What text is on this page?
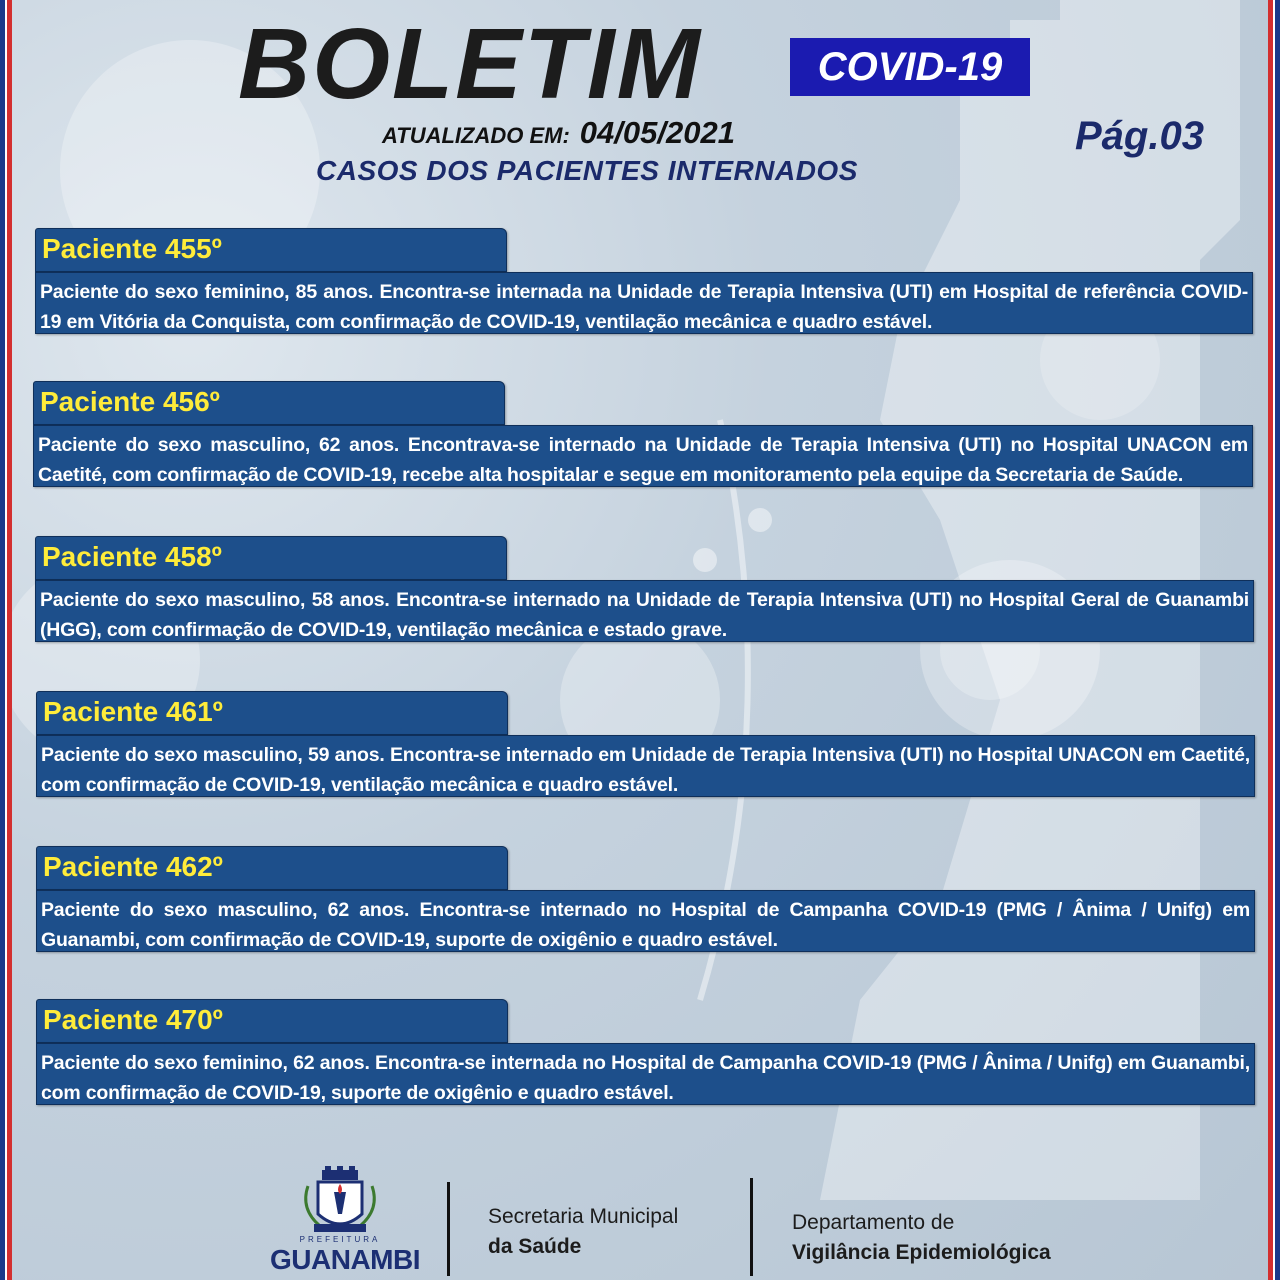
BOLETIM	COVID-19
ATUALIZADO EM: 04/05/2021	Pág.03
CASOS DOS PACIENTES INTERNADOS
Paciente 455º

Paciente do sexo feminino, 85 anos. Encontra-se internada na Unidade de Terapia Intensiva (UTI) em Hospital de referência COVID-19 em Vitória da Conquista, com confirmação de COVID-19, ventilação mecânica e quadro estável.

Paciente 456º

Paciente do sexo masculino, 62 anos. Encontrava-se internado na Unidade de Terapia Intensiva (UTI) no Hospital UNACON em Caetité, com confirmação de COVID-19, recebe alta hospitalar e segue em monitoramento pela equipe da Secretaria de Saúde.

Paciente 458º

Paciente do sexo masculino, 58 anos. Encontra-se internado na Unidade de Terapia Intensiva (UTI) no Hospital Geral de Guanambi (HGG), com confirmação de COVID-19, ventilação mecânica e estado grave.

Paciente 461º

Paciente do sexo masculino, 59 anos. Encontra-se internado em Unidade de Terapia Intensiva (UTI) no Hospital UNACON em Caetité, com confirmação de COVID-19, ventilação mecânica e quadro estável.

Paciente 462º

Paciente do sexo masculino, 62 anos. Encontra-se internado no Hospital de Campanha COVID-19 (PMG / Ânima / Unifg) em Guanambi, com confirmação de COVID-19, suporte de oxigênio e quadro estável.

Paciente 470º

Paciente do sexo feminino, 62 anos. Encontra-se internada no Hospital de Campanha COVID-19 (PMG / Ânima / Unifg) em Guanambi, com confirmação de COVID-19, suporte de oxigênio e quadro estável.

PREFEITURA
GUANAMBI
Secretaria Municipal
da Saúde
Departamento de
Vigilância Epidemiológica
